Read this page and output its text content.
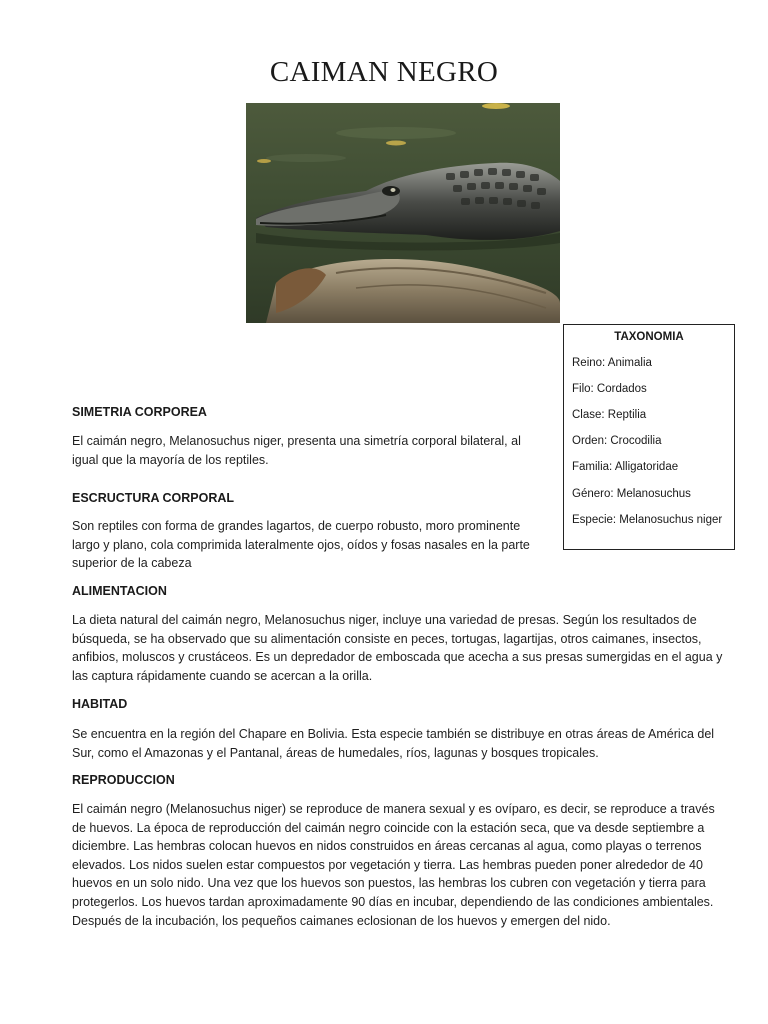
CAIMAN NEGRO
TAXONOMIA
Reino: Animalia
Filo: Cordados
Clase: Reptilia
Orden: Crocodilia
Familia: Alligatoridae
Género: Melanosuchus
Especie: Melanosuchus niger
SIMETRIA CORPOREA
El caimán negro, Melanosuchus niger, presenta una simetría corporal bilateral, al
igual que la mayoría de los reptiles.
ESCRUCTURA CORPORAL
Son reptiles con forma de grandes lagartos, de cuerpo robusto, moro prominente
largo y plano, cola comprimida lateralmente ojos, oídos y fosas nasales en la parte
superior de la cabeza
ALIMENTACION
La dieta natural del caimán negro, Melanosuchus niger, incluye una variedad de presas. Según los resultados de
búsqueda, se ha observado que su alimentación consiste en peces, tortugas, lagartijas, otros caimanes, insectos,
anfibios, moluscos y crustáceos. Es un depredador de emboscada que acecha a sus presas sumergidas en el agua y
las captura rápidamente cuando se acercan a la orilla.
HABITAD
Se encuentra en la región del Chapare en Bolivia. Esta especie también se distribuye en otras áreas de América del
Sur, como el Amazonas y el Pantanal, áreas de humedales, ríos, lagunas y bosques tropicales.
REPRODUCCION
El caimán negro (Melanosuchus niger) se reproduce de manera sexual y es ovíparo, es decir, se reproduce a través
de huevos. La época de reproducción del caimán negro coincide con la estación seca, que va desde septiembre a
diciembre. Las hembras colocan huevos en nidos construidos en áreas cercanas al agua, como playas o terrenos
elevados. Los nidos suelen estar compuestos por vegetación y tierra. Las hembras pueden poner alrededor de 40
huevos en un solo nido. Una vez que los huevos son puestos, las hembras los cubren con vegetación y tierra para
protegerlos. Los huevos tardan aproximadamente 90 días en incubar, dependiendo de las condiciones ambientales.
Después de la incubación, los pequeños caimanes eclosionan de los huevos y emergen del nido.
